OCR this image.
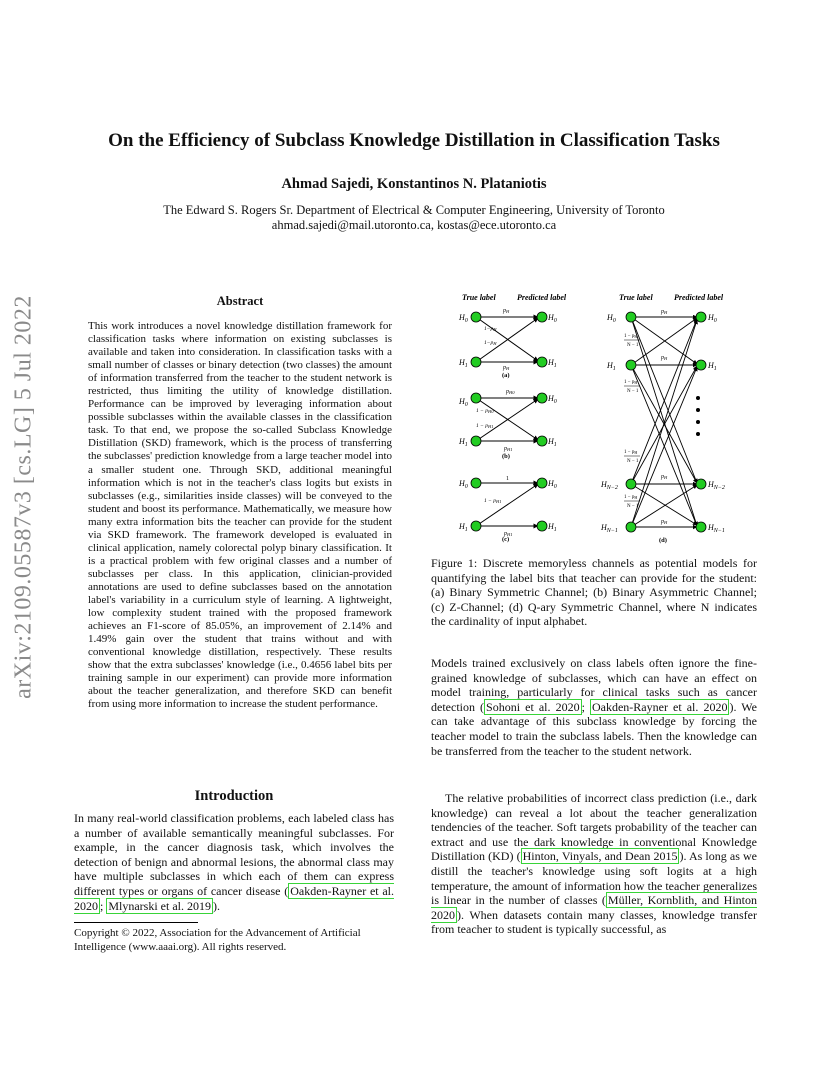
arXiv:2109.05587v3 [cs.LG] 5 Jul 2022
On the Efficiency of Subclass Knowledge Distillation in Classification Tasks
Ahmad Sajedi, Konstantinos N. Plataniotis
The Edward S. Rogers Sr. Department of Electrical & Computer Engineering, University of Toronto
ahmad.sajedi@mail.utoronto.ca, kostas@ece.utoronto.ca
Abstract
This work introduces a novel knowledge distillation framework for classification tasks where information on existing subclasses is available and taken into consideration. In classification tasks with a small number of classes or binary detection (two classes) the amount of information transferred from the teacher to the student network is restricted, thus limiting the utility of knowledge distillation. Performance can be improved by leveraging information about possible subclasses within the available classes in the classification task. To that end, we propose the so-called Subclass Knowledge Distillation (SKD) framework, which is the process of transferring the subclasses' prediction knowledge from a large teacher model into a smaller student one. Through SKD, additional meaningful information which is not in the teacher's class logits but exists in subclasses (e.g., similarities inside classes) will be conveyed to the student and boost its performance. Mathematically, we measure how many extra information bits the teacher can provide for the student via SKD framework. The framework developed is evaluated in clinical application, namely colorectal polyp binary classification. It is a practical problem with few original classes and a number of subclasses per class. In this application, clinician-provided annotations are used to define subclasses based on the annotation label's variability in a curriculum style of learning. A lightweight, low complexity student trained with the proposed framework achieves an F1-score of 85.05%, an improvement of 2.14% and 1.49% gain over the student that trains without and with conventional knowledge distillation, respectively. These results show that the extra subclasses' knowledge (i.e., 0.4656 label bits per training sample in our experiment) can provide more information about the teacher generalization, and therefore SKD can benefit from using more information to increase the student performance.
Introduction
In many real-world classification problems, each labeled class has a number of available semantically meaningful subclasses. For example, in the cancer diagnosis task, which involves the detection of benign and abnormal lesions, the abnormal class may have multiple subclasses in which each of them can express different types or organs of cancer disease ( Oakden-Rayner et al. 2020 ; Mlynarski et al. 2019 ).
Copyright © 2022, Association for the Advancement of Artificial Intelligence (www.aaai.org). All rights reserved.
True label	Predicted label	True label	Predicted label
$H_0$
$H_1$
$H_0$
$H_1$
pH
1−pH
1−pH
pH
(a)
$H_0$
$H_1$
$H_0$
$H_1$
pH0
1 − pH0
1 − pH1
pH1
(b)
$H_0$
$H_1$
$H_0$
$H_1$
1
1 − pH1
pH1
(c)
$H_0$
$H_1$
$H_{N-2}$
$H_{N-1}$
$H_0$
$H_1$
$H_{N-2}$
$H_{N-1}$
pH
pH
pH
pH
$1 - p_H$
N − 1
$1 - p_H$
N − 1
$1 - p_H$
N − 1
$1 - p_H$
N − 1
(d)
Figure 1: Discrete memoryless channels as potential models for quantifying the label bits that teacher can provide for the student: (a) Binary Symmetric Channel; (b) Binary Asymmetric Channel; (c) Z-Channel; (d) Q-ary Symmetric Channel, where N indicates the cardinality of input alphabet.
Models trained exclusively on class labels often ignore the fine-grained knowledge of subclasses, which can have an effect on model training, particularly for clinical tasks such as cancer detection ( Sohoni et al. 2020 ; Oakden-Rayner et al. 2020 ). We can take advantage of this subclass knowledge by forcing the teacher model to train the subclass labels. Then the knowledge can be transferred from the teacher to the student network.
The relative probabilities of incorrect class prediction (i.e., dark knowledge) can reveal a lot about the teacher generalization tendencies of the teacher. Soft targets probability of the teacher can extract and use the dark knowledge in conventional Knowledge Distillation (KD) ( Hinton, Vinyals, and Dean 2015 ). As long as we distill the teacher's knowledge using soft logits at a high temperature, the amount of information how the teacher generalizes is linear in the number of classes ( Müller, Kornblith, and Hinton 2020 ). When datasets contain many classes, knowledge transfer from teacher to student is typically successful, as
